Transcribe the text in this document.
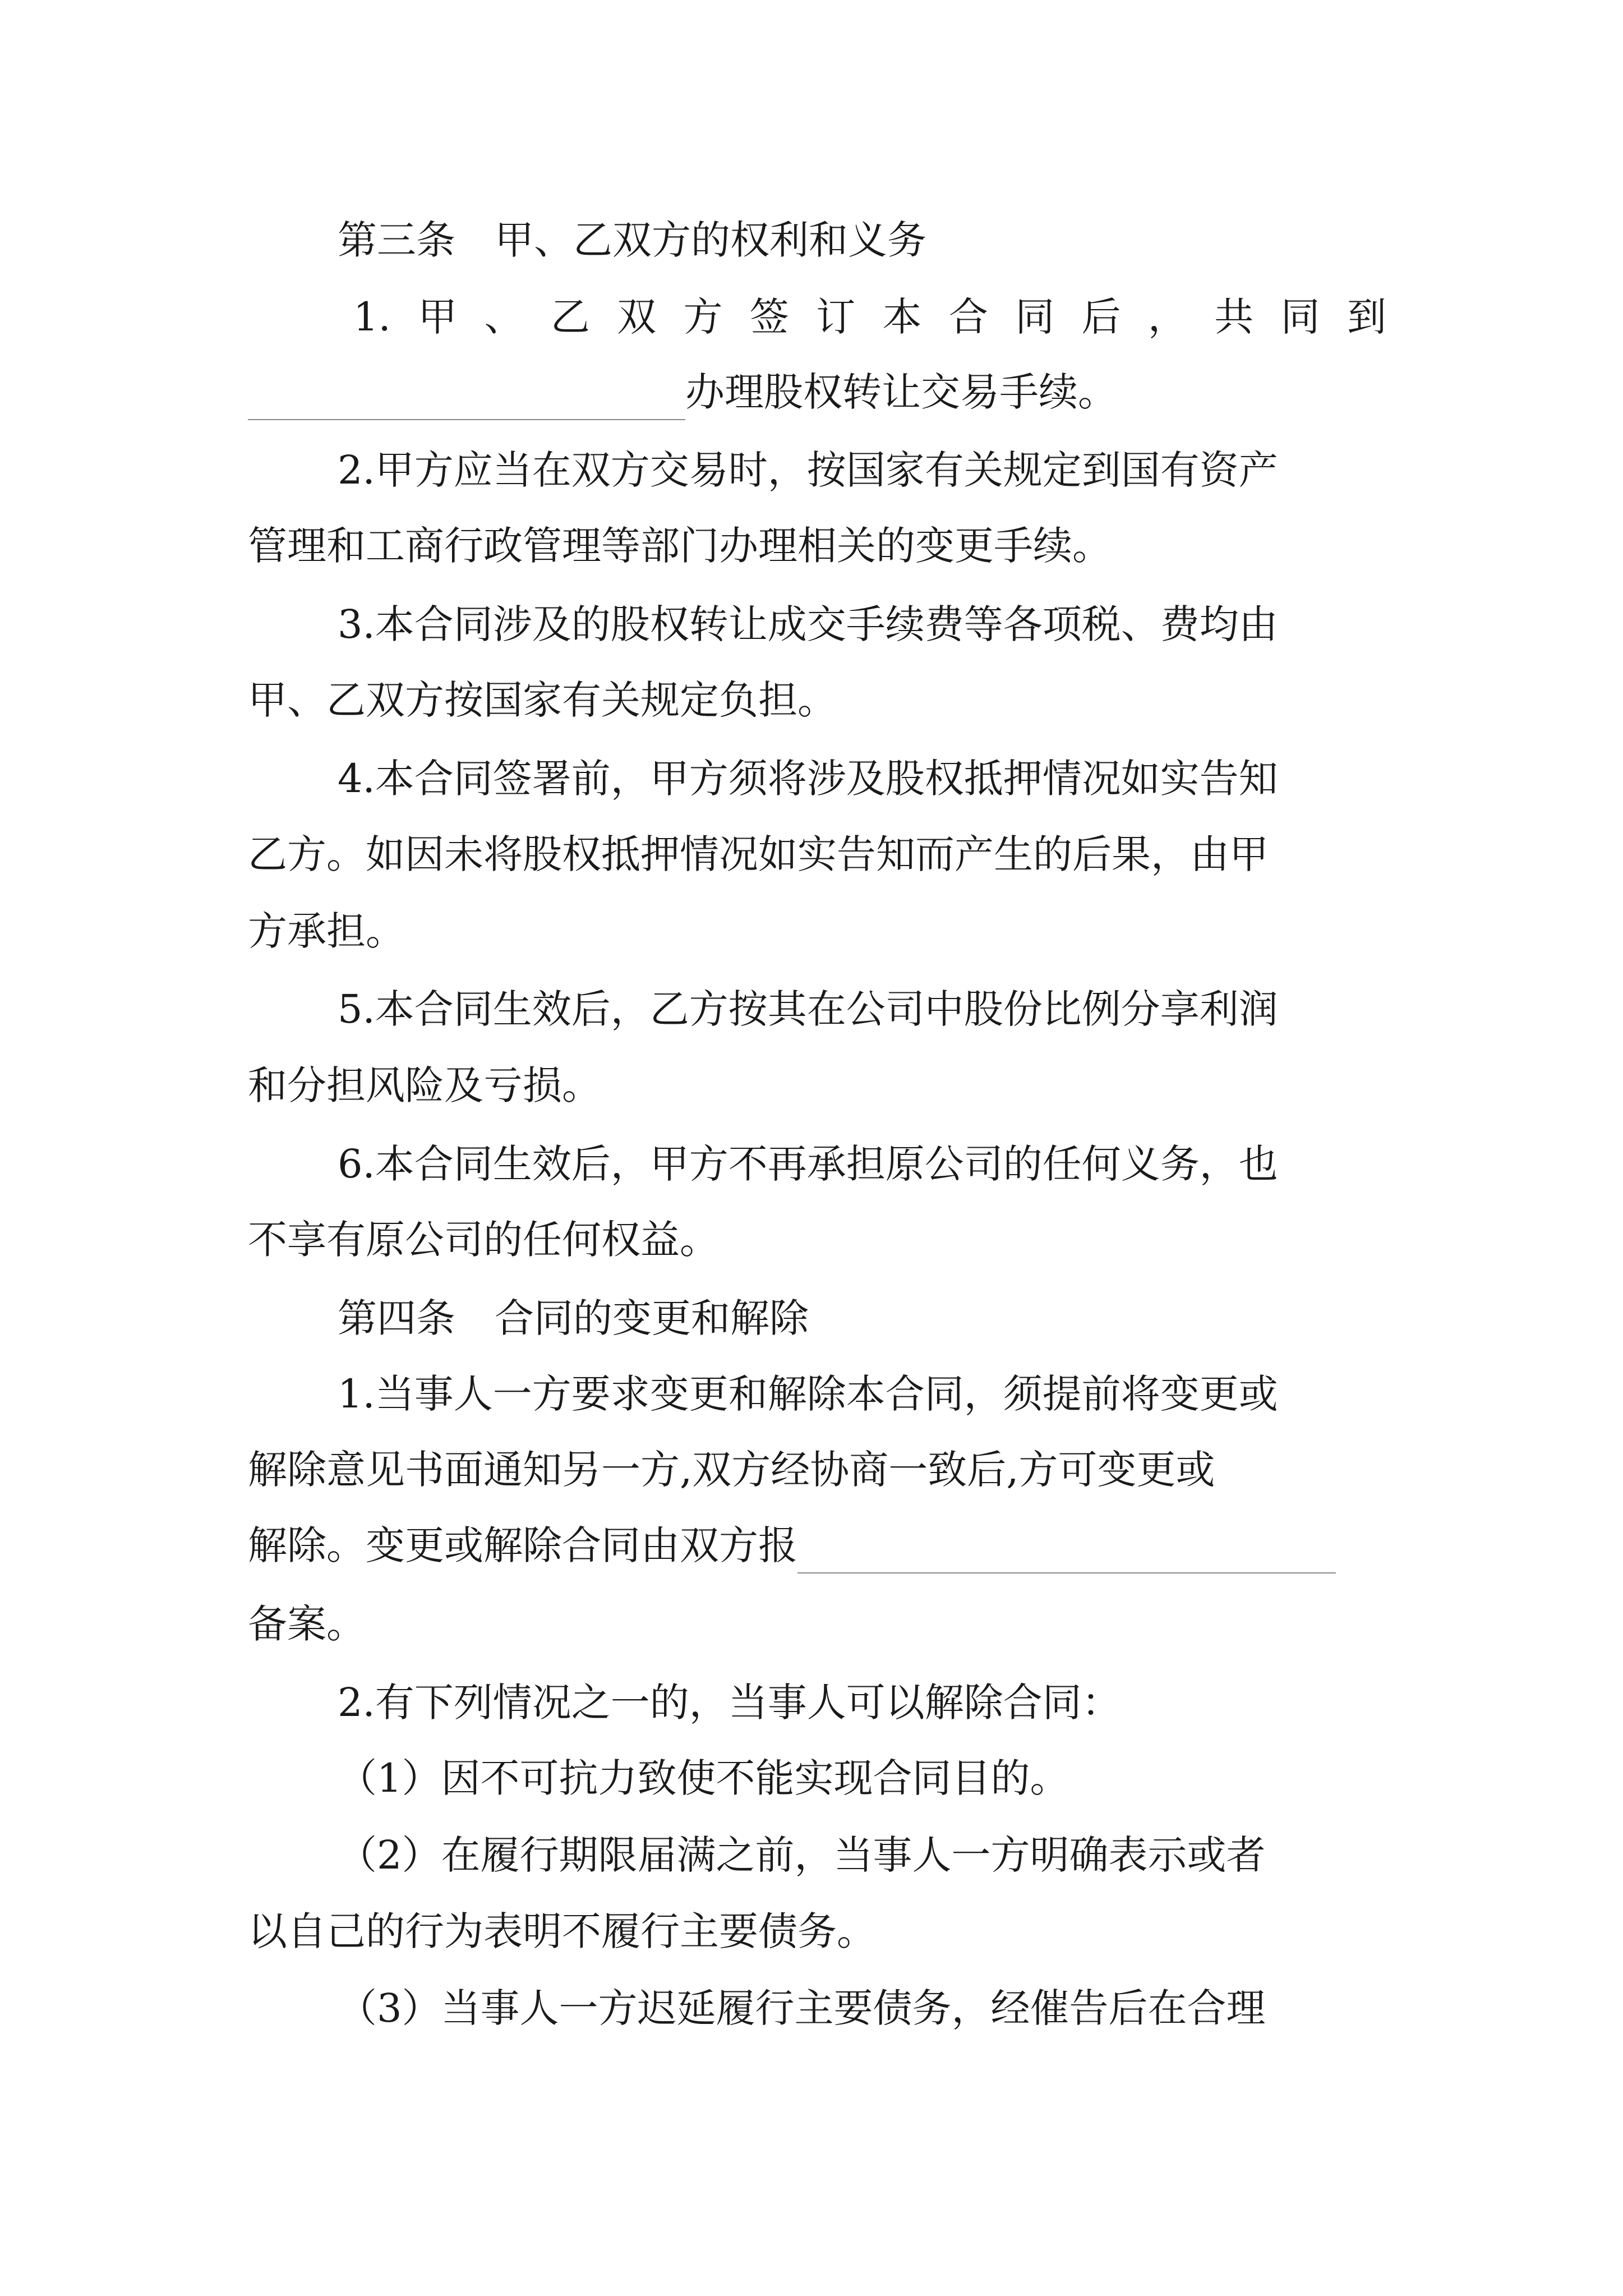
第三条 甲、乙双方的权利和义务
1. 甲 、 乙 双 方 签 订 本 合 同 后 ， 共 同 到
办理股权转让交易手续。
2.甲方应当在双方交易时，按国家有关规定到国有资产
管理和工商行政管理等部门办理相关的变更手续。
3.本合同涉及的股权转让成交手续费等各项税、费均由
甲、乙双方按国家有关规定负担。
4.本合同签署前，甲方须将涉及股权抵押情况如实告知
乙方。如因未将股权抵押情况如实告知而产生的后果，由甲
方承担。
5.本合同生效后，乙方按其在公司中股份比例分享利润
和分担风险及亏损。
6.本合同生效后，甲方不再承担原公司的任何义务，也
不享有原公司的任何权益。
第四条 合同的变更和解除
1.当事人一方要求变更和解除本合同，须提前将变更或
解除意见书面通知另一方,双方经协商一致后,方可变更或
解除。变更或解除合同由双方报
备案。
2.有下列情况之一的，当事人可以解除合同：
（1）因不可抗力致使不能实现合同目的。
（2）在履行期限届满之前，当事人一方明确表示或者
以自己的行为表明不履行主要债务。
（3）当事人一方迟延履行主要债务，经催告后在合理
